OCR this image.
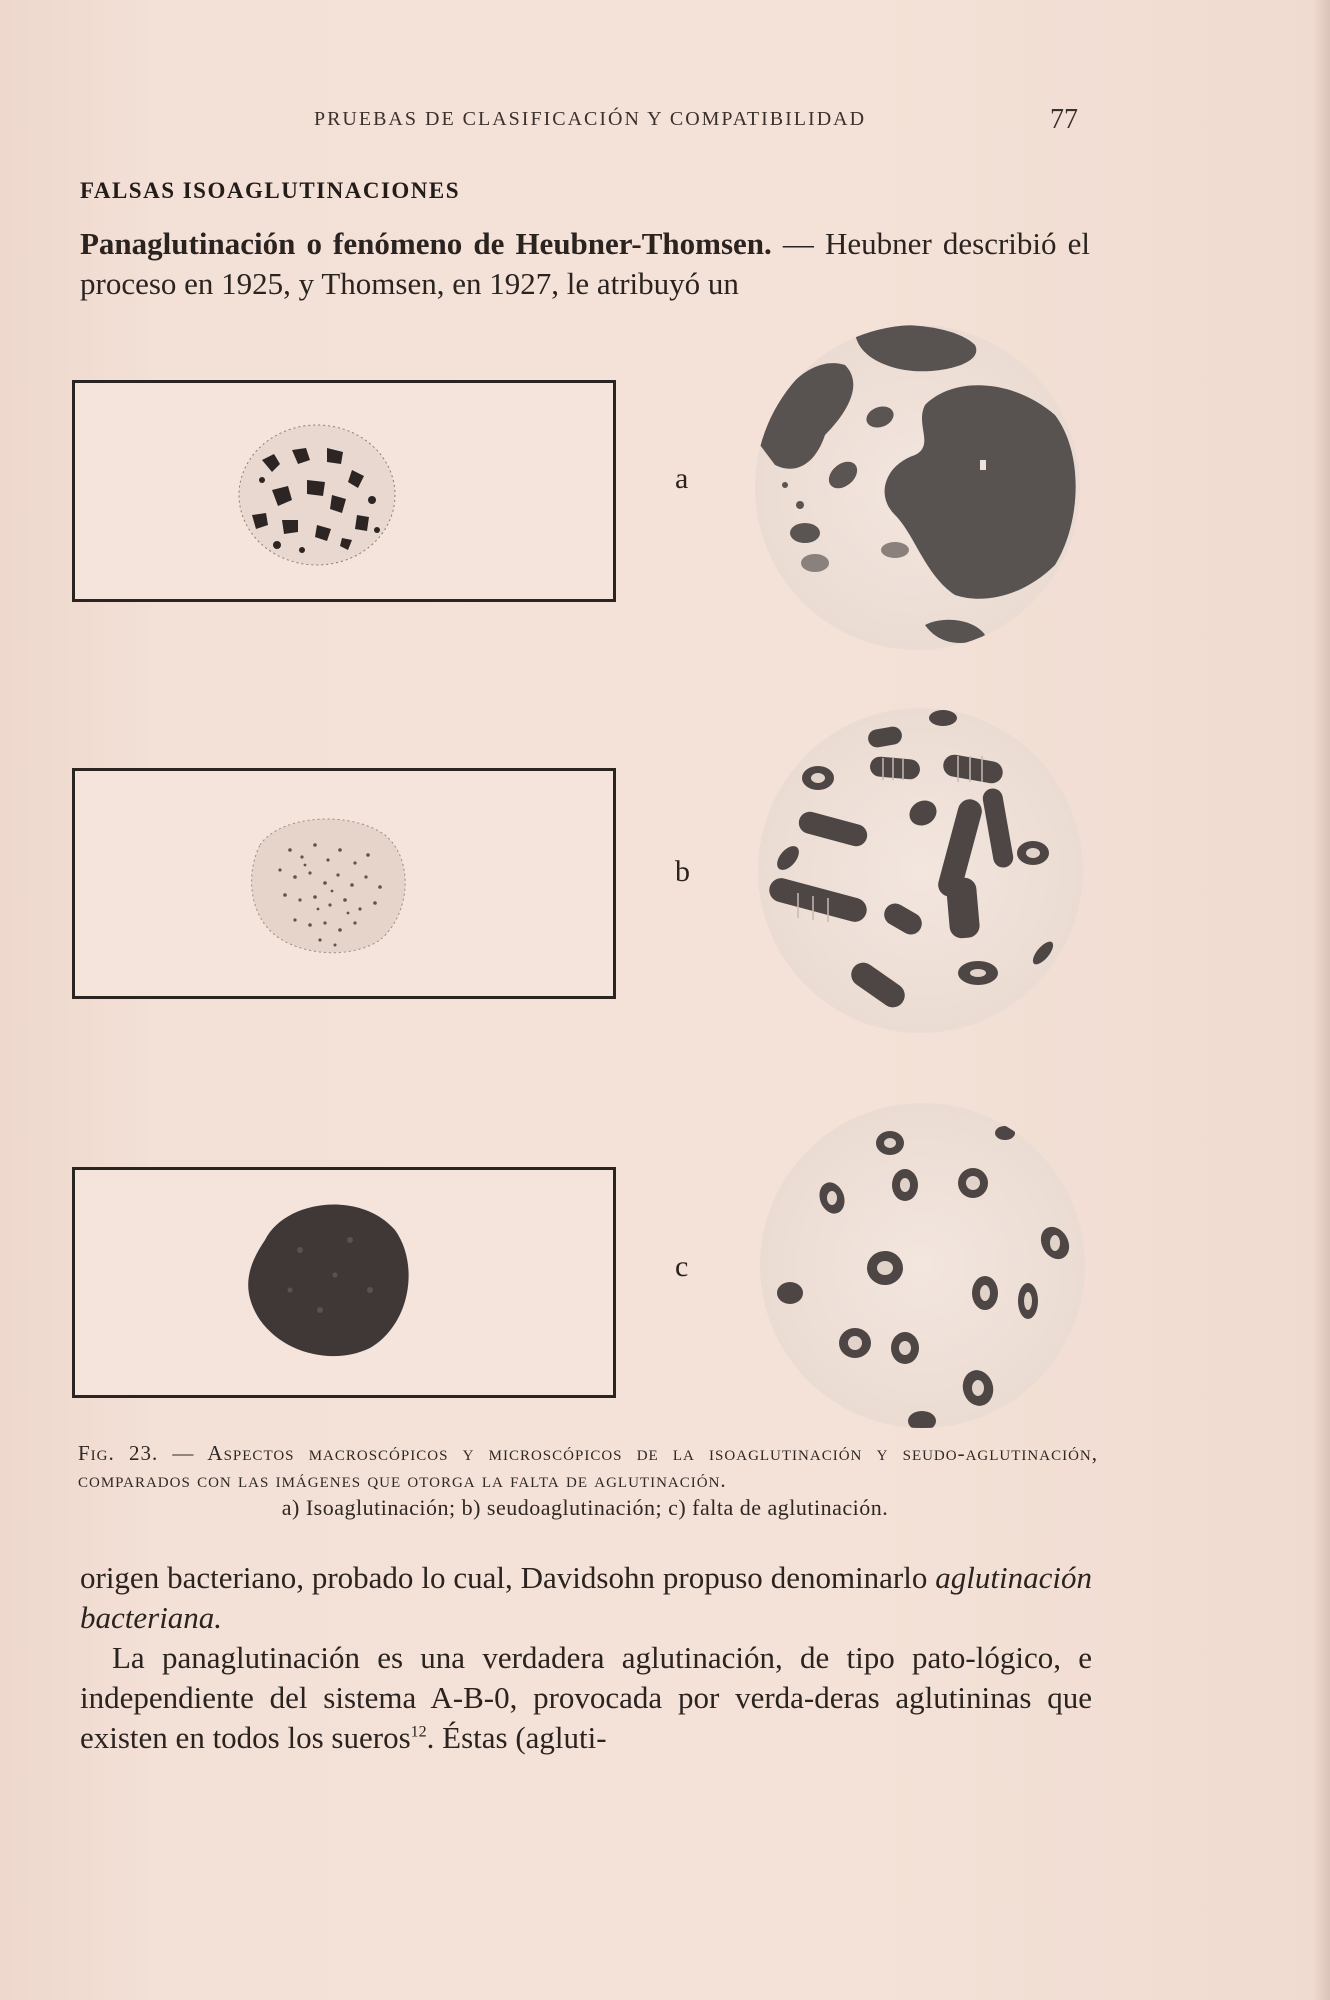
PRUEBAS DE CLASIFICACIÓN Y COMPATIBILIDAD	77
FALSAS ISOAGLUTINACIONES
Panaglutinación o fenómeno de Heubner-Thomsen. — Heubner describió el proceso en 1925, y Thomsen, en 1927, le atribuyó un
a
b
c
Fig. 23. — Aspectos macroscópicos y microscópicos de la isoaglutinación y seudo-aglutinación, comparados con las imágenes que otorga la falta de aglutinación.
a) Isoaglutinación; b) seudoaglutinación; c) falta de aglutinación.

origen bacteriano, probado lo cual, Davidsohn propuso denominarlo aglutinación bacteriana.

La panaglutinación es una verdadera aglutinación, de tipo pato-lógico, e independiente del sistema A-B-0, provocada por verda-deras aglutininas que existen en todos los sueros$^{12}$. Éstas (agluti-
